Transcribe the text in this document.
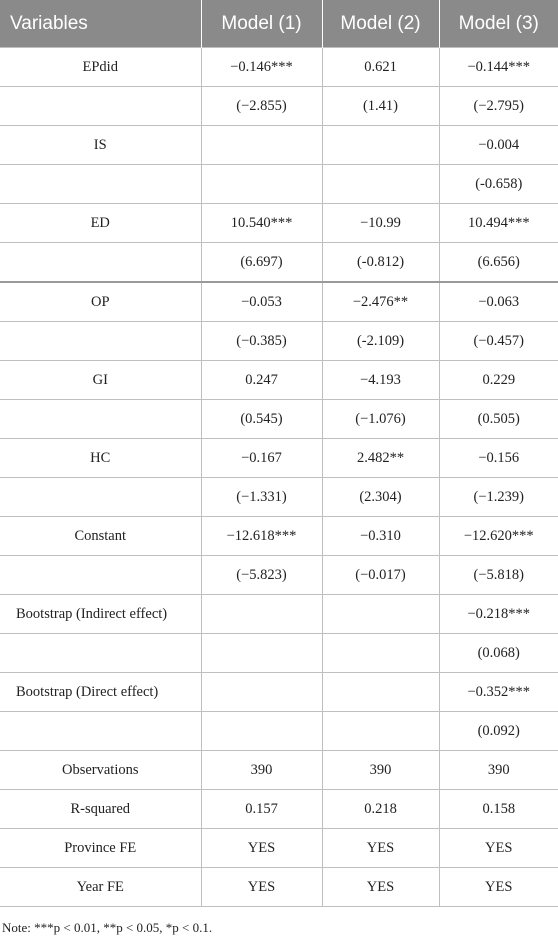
Variables	Model (1)	Model (2)	Model (3)
EPdid	−0.146***	0.621	−0.144***
	(−2.855)	(1.41)	(−2.795)
IS			−0.004
			(-0.658)
ED	10.540***	−10.99	10.494***
	(6.697)	(-0.812)	(6.656)
OP	−0.053	−2.476**	−0.063
	(−0.385)	(-2.109)	(−0.457)
GI	0.247	−4.193	0.229
	(0.545)	(−1.076)	(0.505)
HC	−0.167	2.482**	−0.156
	(−1.331)	(2.304)	(−1.239)
Constant	−12.618***	−0.310	−12.620***
	(−5.823)	(−0.017)	(−5.818)
Bootstrap (Indirect effect)			−0.218***
			(0.068)
Bootstrap (Direct effect)			−0.352***
			(0.092)
Observations	390	390	390
R-squared	0.157	0.218	0.158
Province FE	YES	YES	YES
Year FE	YES	YES	YES
Note: ***p < 0.01, **p < 0.05, *p < 0.1.
